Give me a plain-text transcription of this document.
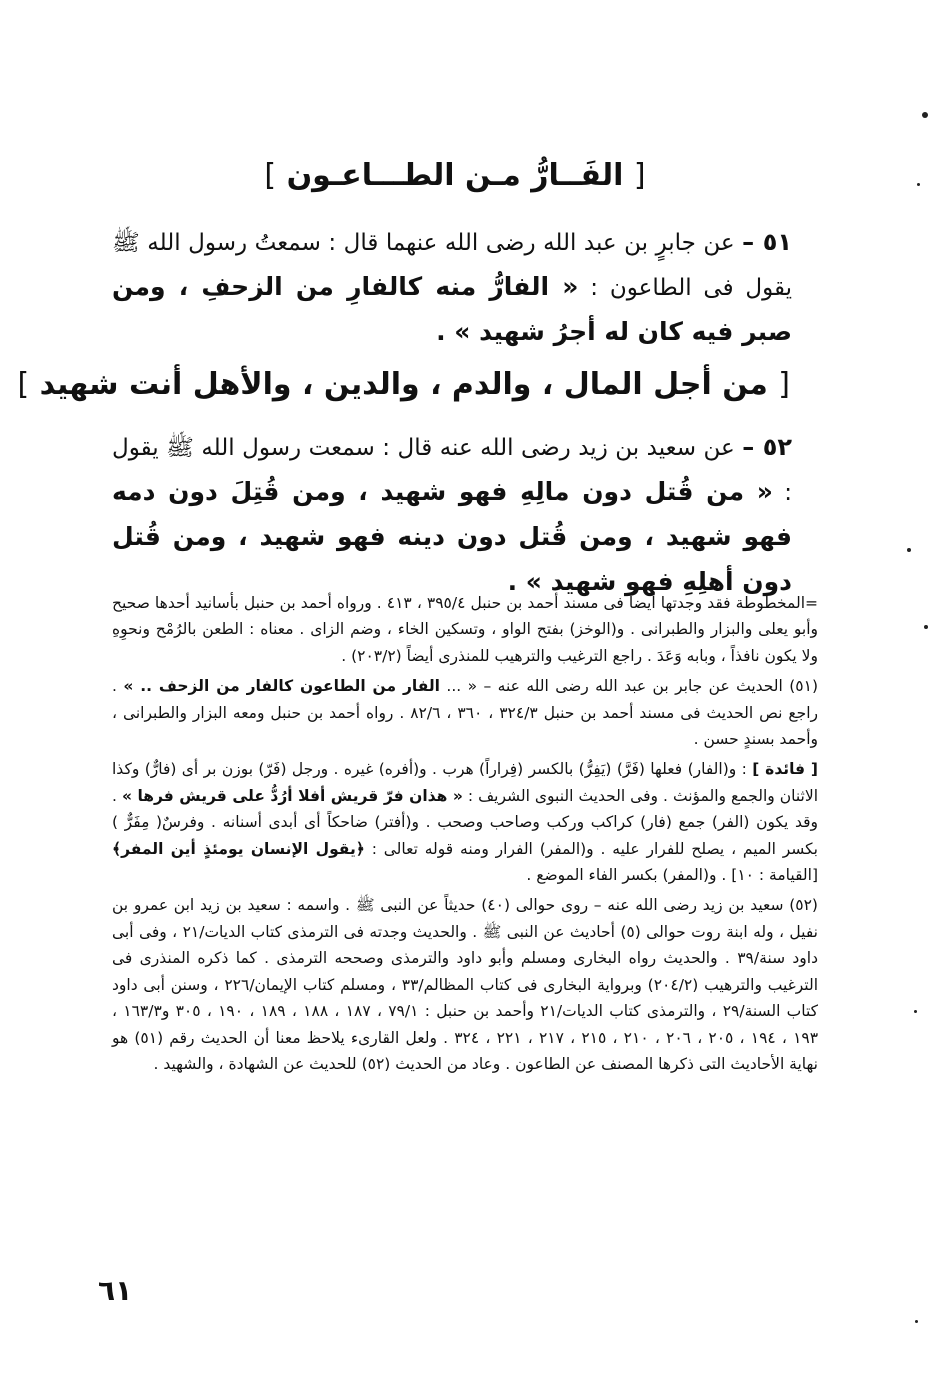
[ الفَــارُّ مـن الطـــاعـون ]
٥١ – عن جابرٍ بن عبد الله رضى الله عنهما قال : سمعتُ رسول الله ﷺ يقول فى الطاعون : « الفارُّ منه كالفارِ من الزحفِ ، ومن صبر فيه كان له أجرُ شهيد » .
[ من أجل المال ، والدم ، والدين ، والأهل أنت شهيد ]
٥٢ – عن سعيد بن زيد رضى الله عنه قال : سمعت رسول الله ﷺ يقول : « من قُتل دون مالِهِ فهو شهيد ، ومن قُتِلَ دون دمه فهو شهيد ، ومن قُتل دون دينه فهو شهيد ، ومن قُتل دون أهلِهِ فهو شهيد » .

=المخطوطة فقد وجدتها أيضاً فى مسند أحمد بن حنبل ٣٩٥/٤ ، ٤١٣ . ورواه أحمد بن حنبل بأسانيد أحدها صحيح وأبو يعلى والبزار والطبرانى . و(الوخز) بفتح الواو ، وتسكين الخاء ، وضم الزاى . معناه : الطعن بالرُمْح ونحوِهِ ولا يكون نافذاً ، وبابه وَعَدَ . راجع الترغيب والترهيب للمنذرى أيضاً (٢٠٣/٢) .

(٥١) الحديث عن جابر بن عبد الله رضى الله عنه – « ... الفار من الطاعون كالفار من الزحف .. » . راجع نص الحديث فى مسند أحمد بن حنبل ٣٢٤/٣ ، ٣٦٠ ، ٨٢/٦ . رواه أحمد بن حنبل ومعه البزار والطبرانى ، وأحمد بسندٍ حسن .

[ فائدة ] : و(الفار) فعلها (فَرَّ) (يَفِرُّ) بالكسر (فِراراً) هرب . و(أفره) غيره . ورجل (فَرّ) بوزن بر أى (فارٌّ) وكذا الاثنان والجمع والمؤنث . وفى الحديث النبوى الشريف : « هذان فرّ قريش أفلا أرُدُّ على قريش فرها » . وقد يكون (الفر) جمع (فار) كراكب وركب وصاحب وصحب . و(أفتر) ضاحكاً أى أبدى أسنانه . وفرسٌ( مِفَرٌّ ) بكسر الميم ، يصلح للفرار عليه . و(المفر) الفرار ومنه قوله تعالى : ﴿يقول الإنسان يومئذٍ أين المفر﴾ [القيامة : ١٠] . و(المفر) بكسر الفاء الموضع .

(٥٢) سعيد بن زيد رضى الله عنه – روى حوالى (٤٠) حديثاً عن النبى ﷺ . واسمه : سعيد بن زيد ابن عمرو بن نفيل ، وله ابنة روت حوالى (٥) أحاديث عن النبى ﷺ . والحديث وجدته فى الترمذى كتاب الديات/٢١ ، وفى أبى داود سنة/٣٩ . والحديث رواه البخارى ومسلم وأبو داود والترمذى وصححه الترمذى . كما ذكره المنذرى فى الترغيب والترهيب (٢٠٤/٢) وبرواية البخارى فى كتاب المظالم/٣٣ ، ومسلم كتاب الإيمان/٢٢٦ ، وسنن أبى داود كتاب السنة/٢٩ ، والترمذى كتاب الديات/٢١ وأحمد بن حنبل : ٧٩/١ ، ١٨٧ ، ١٨٨ ، ١٨٩ ، ١٩٠ ، ٣٠٥ و١٦٣/٣ ، ١٩٣ ، ١٩٤ ، ٢٠٥ ، ٢٠٦ ، ٢١٠ ، ٢١٥ ، ٢١٧ ، ٢٢١ ، ٣٢٤ . ولعل القارىء يلاحظ معنا أن الحديث رقم (٥١) هو نهاية الأحاديث التى ذكرها المصنف عن الطاعون . وعاد من الحديث (٥٢) للحديث عن الشهادة ، والشهيد .

٦١
